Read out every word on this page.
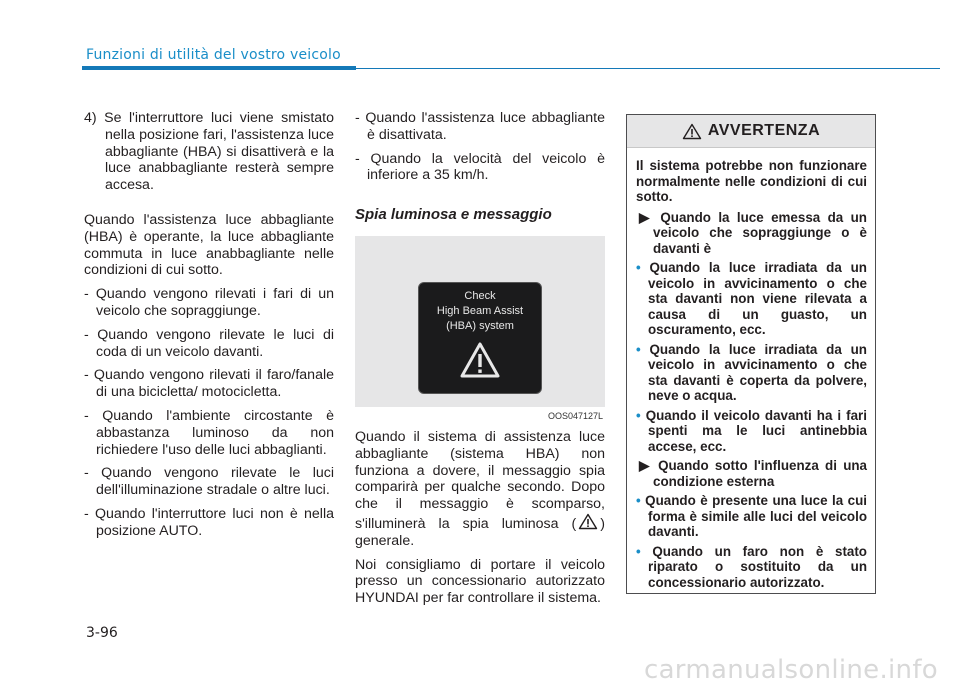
Funzioni di utilità del vostro veicolo

4) Se l'interruttore luci viene smistato nella posizione fari, l'assistenza luce abbagliante (HBA) si disattiverà e la luce anabbagliante resterà sempre accesa.

Quando l'assistenza luce abbagliante (HBA) è operante, la luce abbagliante commuta in luce anabbagliante nelle condizioni di cui sotto.

- Quando vengono rilevati i fari di un veicolo che sopraggiunge.

- Quando vengono rilevate le luci di coda di un veicolo davanti.

- Quando vengono rilevati il faro/fanale di una bicicletta/ motocicletta.

- Quando l'ambiente circostante è abbastanza luminoso da non richiedere l'uso delle luci abbaglianti.

- Quando vengono rilevate le luci dell'illuminazione stradale o altre luci.

- Quando l'interruttore luci non è nella posizione AUTO.

- Quando l'assistenza luce abbagliante è disattivata.

- Quando la velocità del veicolo è inferiore a 35 km/h.

Spia luminosa e messaggio
Check
High Beam Assist
(HBA) system
OOS047127L

Quando il sistema di assistenza luce abbagliante (sistema HBA) non funziona a dovere, il messaggio spia comparirà per qualche secondo. Dopo che il messaggio è scomparso, s'illuminerà la spia luminosa ( ) generale.

Noi consigliamo di portare il veicolo presso un concessionario autorizzato HYUNDAI per far controllare il sistema.

AVVERTENZA

Il sistema potrebbe non funzionare normalmente nelle condizioni di cui sotto.

▶ Quando la luce emessa da un veicolo che sopraggiunge o è davanti è

• Quando la luce irradiata da un veicolo in avvicinamento o che sta davanti non viene rilevata a causa di un guasto, un oscuramento, ecc.

• Quando la luce irradiata da un veicolo in avvicinamento o che sta davanti è coperta da polvere, neve o acqua.

• Quando il veicolo davanti ha i fari spenti ma le luci antinebbia accese, ecc.

▶ Quando sotto l'influenza di una condizione esterna

• Quando è presente una luce la cui forma è simile alle luci del veicolo davanti.

• Quando un faro non è stato riparato o sostituito da un concessionario autorizzato.

3-96
carmanualsonline.info
